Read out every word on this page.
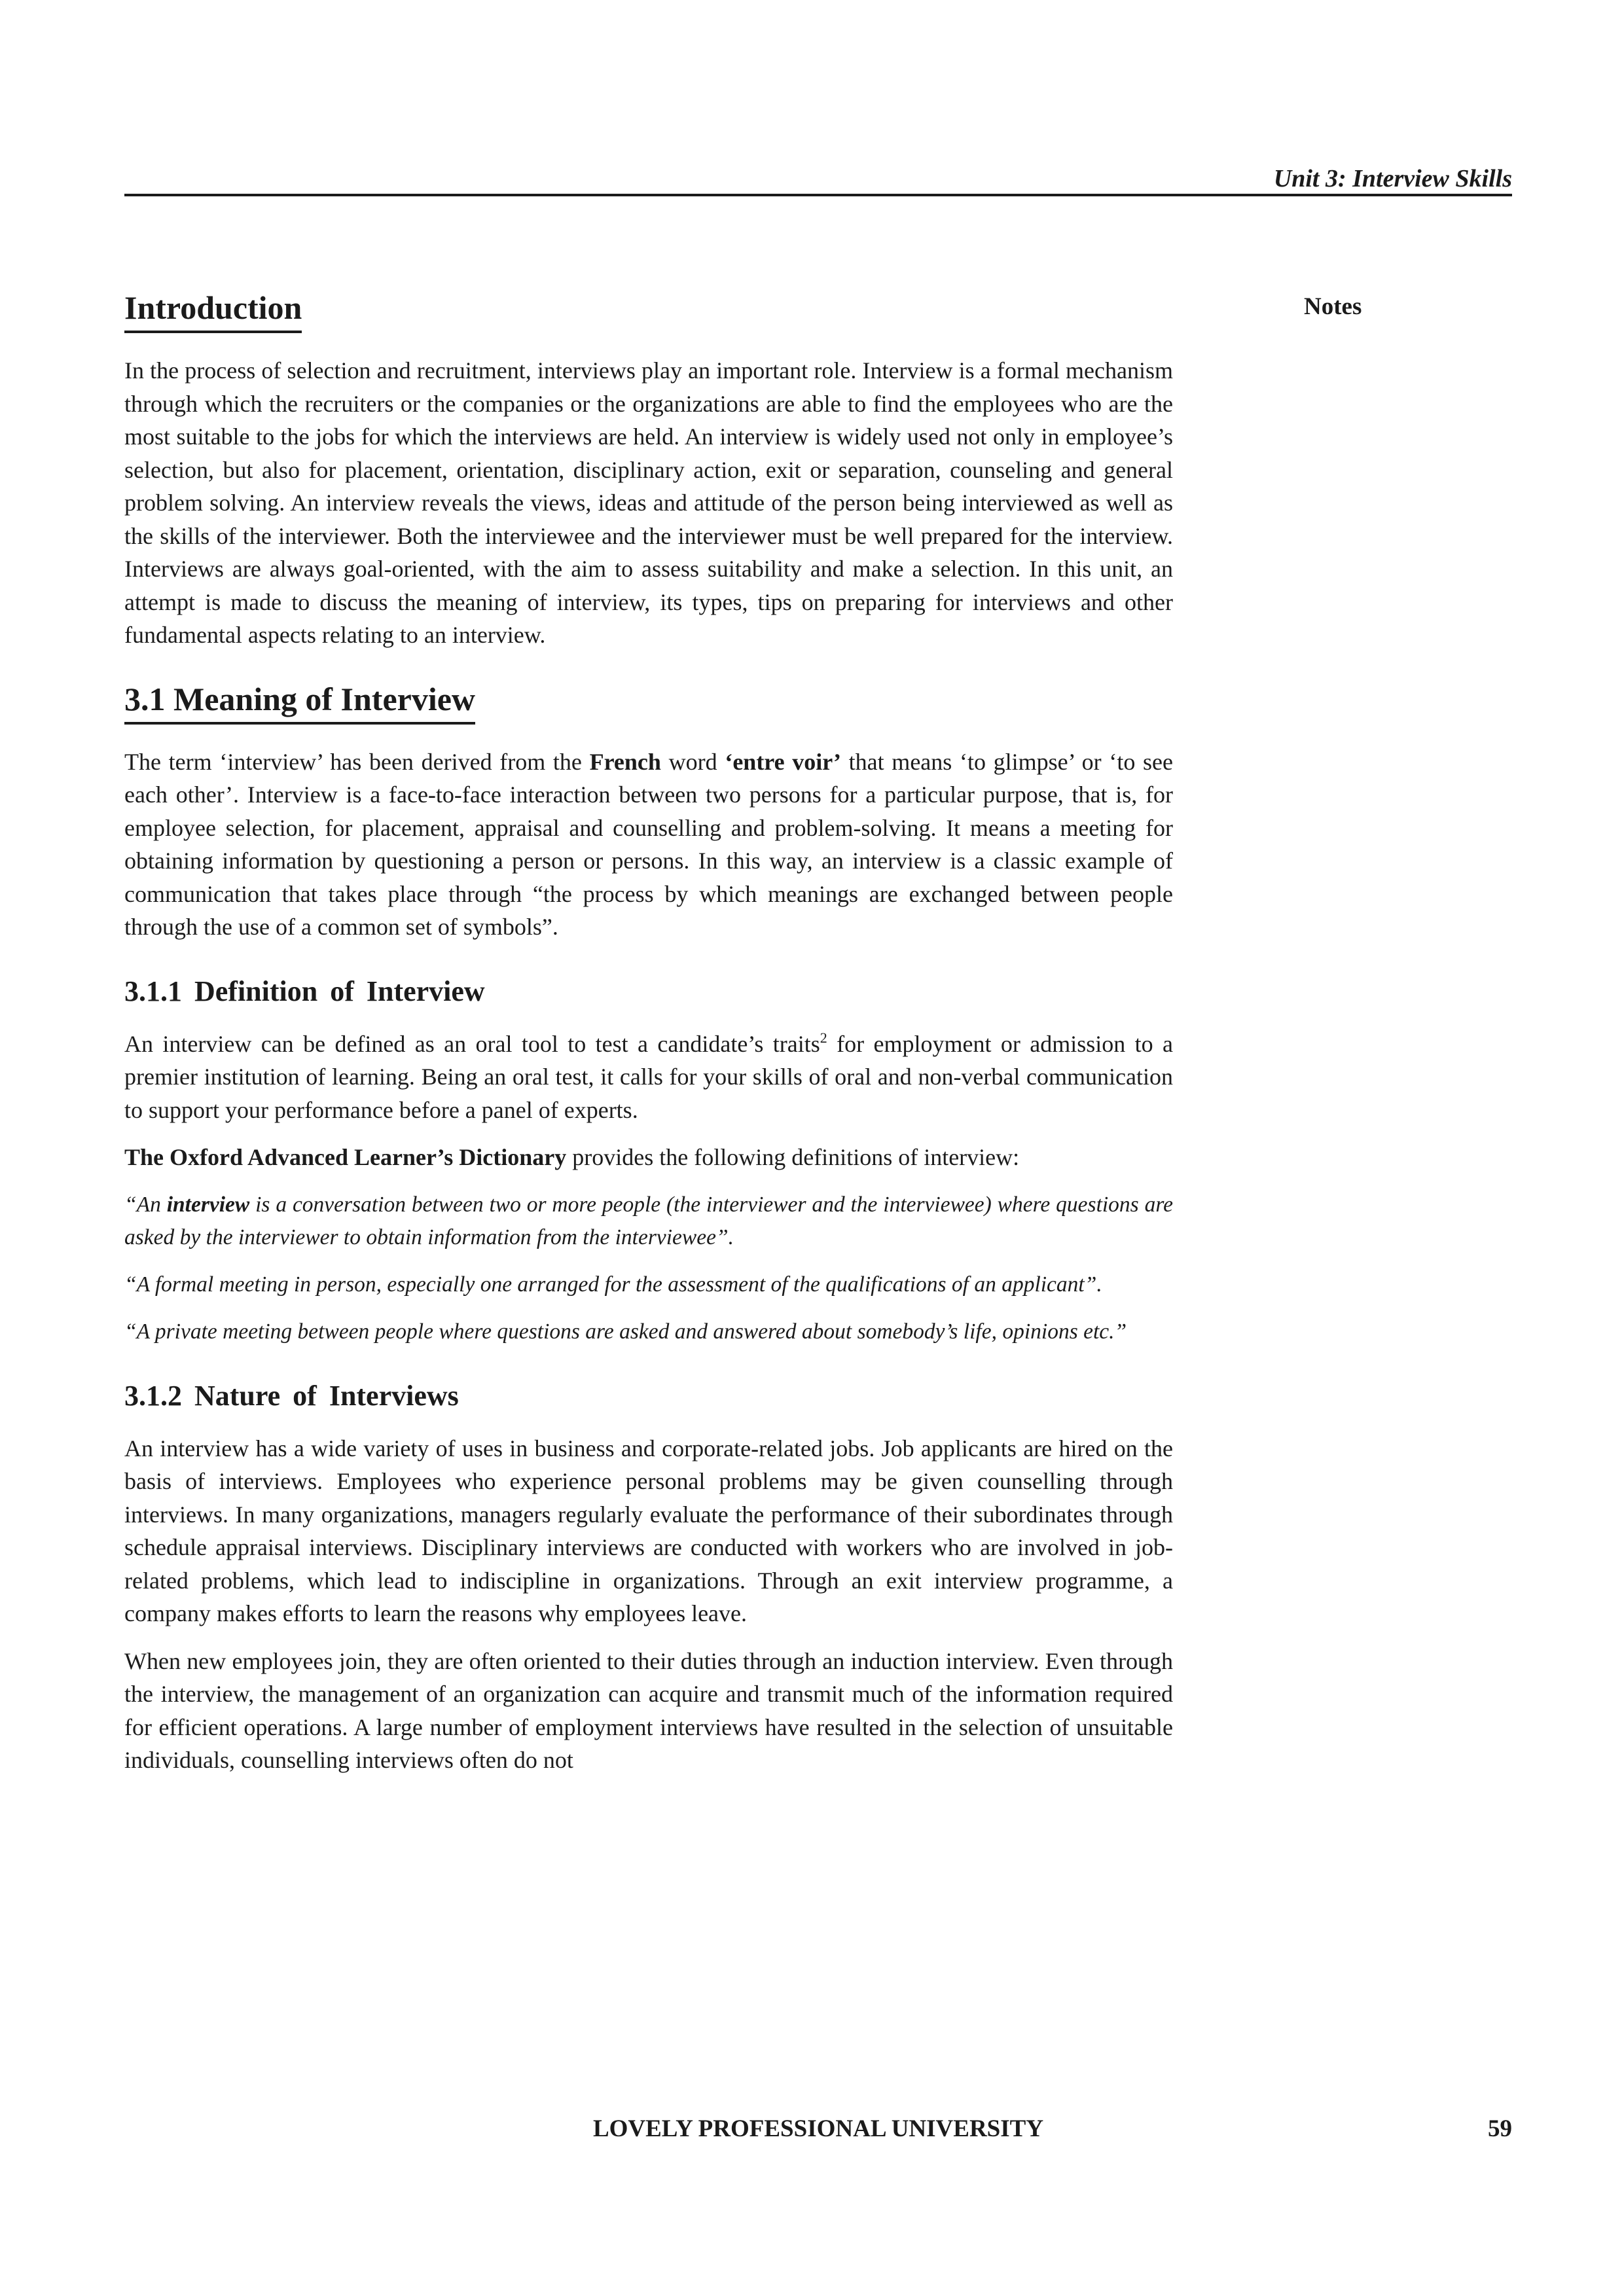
Unit 3: Interview Skills
Notes
Introduction

In the process of selection and recruitment, interviews play an important role. Interview is a formal mechanism through which the recruiters or the companies or the organizations are able to find the employees who are the most suitable to the jobs for which the interviews are held. An interview is widely used not only in employee’s selection, but also for placement, orientation, disciplinary action, exit or separation, counseling and general problem solving. An interview reveals the views, ideas and attitude of the person being interviewed as well as the skills of the interviewer. Both the interviewee and the interviewer must be well prepared for the interview. Interviews are always goal-oriented, with the aim to assess suitability and make a selection. In this unit, an attempt is made to discuss the meaning of interview, its types, tips on preparing for interviews and other fundamental aspects relating to an interview.

3.1 Meaning of Interview

The term ‘interview’ has been derived from the French word ‘entre voir’ that means ‘to glimpse’ or ‘to see each other’. Interview is a face-to-face interaction between two persons for a particular purpose, that is, for employee selection, for placement, appraisal and counselling and problem-solving. It means a meeting for obtaining information by questioning a person or persons. In this way, an interview is a classic example of communication that takes place through “the process by which meanings are exchanged between people through the use of a common set of symbols”.

3.1.1 Definition of Interview

An interview can be defined as an oral tool to test a candidate’s traits$^2$ for employment or admission to a premier institution of learning. Being an oral test, it calls for your skills of oral and non-verbal communication to support your performance before a panel of experts.

The Oxford Advanced Learner’s Dictionary provides the following definitions of interview:

“An interview is a conversation between two or more people (the interviewer and the interviewee) where questions are asked by the interviewer to obtain information from the interviewee”.

“A formal meeting in person, especially one arranged for the assessment of the qualifications of an applicant”.

“A private meeting between people where questions are asked and answered about somebody’s life, opinions etc.”

3.1.2 Nature of Interviews

An interview has a wide variety of uses in business and corporate-related jobs. Job applicants are hired on the basis of interviews. Employees who experience personal problems may be given counselling through interviews. In many organizations, managers regularly evaluate the performance of their subordinates through schedule appraisal interviews. Disciplinary interviews are conducted with workers who are involved in job-related problems, which lead to indiscipline in organizations. Through an exit interview programme, a company makes efforts to learn the reasons why employees leave.

When new employees join, they are often oriented to their duties through an induction interview. Even through the interview, the management of an organization can acquire and transmit much of the information required for efficient operations. A large number of employment interviews have resulted in the selection of unsuitable individuals, counselling interviews often do not

LOVELY PROFESSIONAL UNIVERSITY	59
